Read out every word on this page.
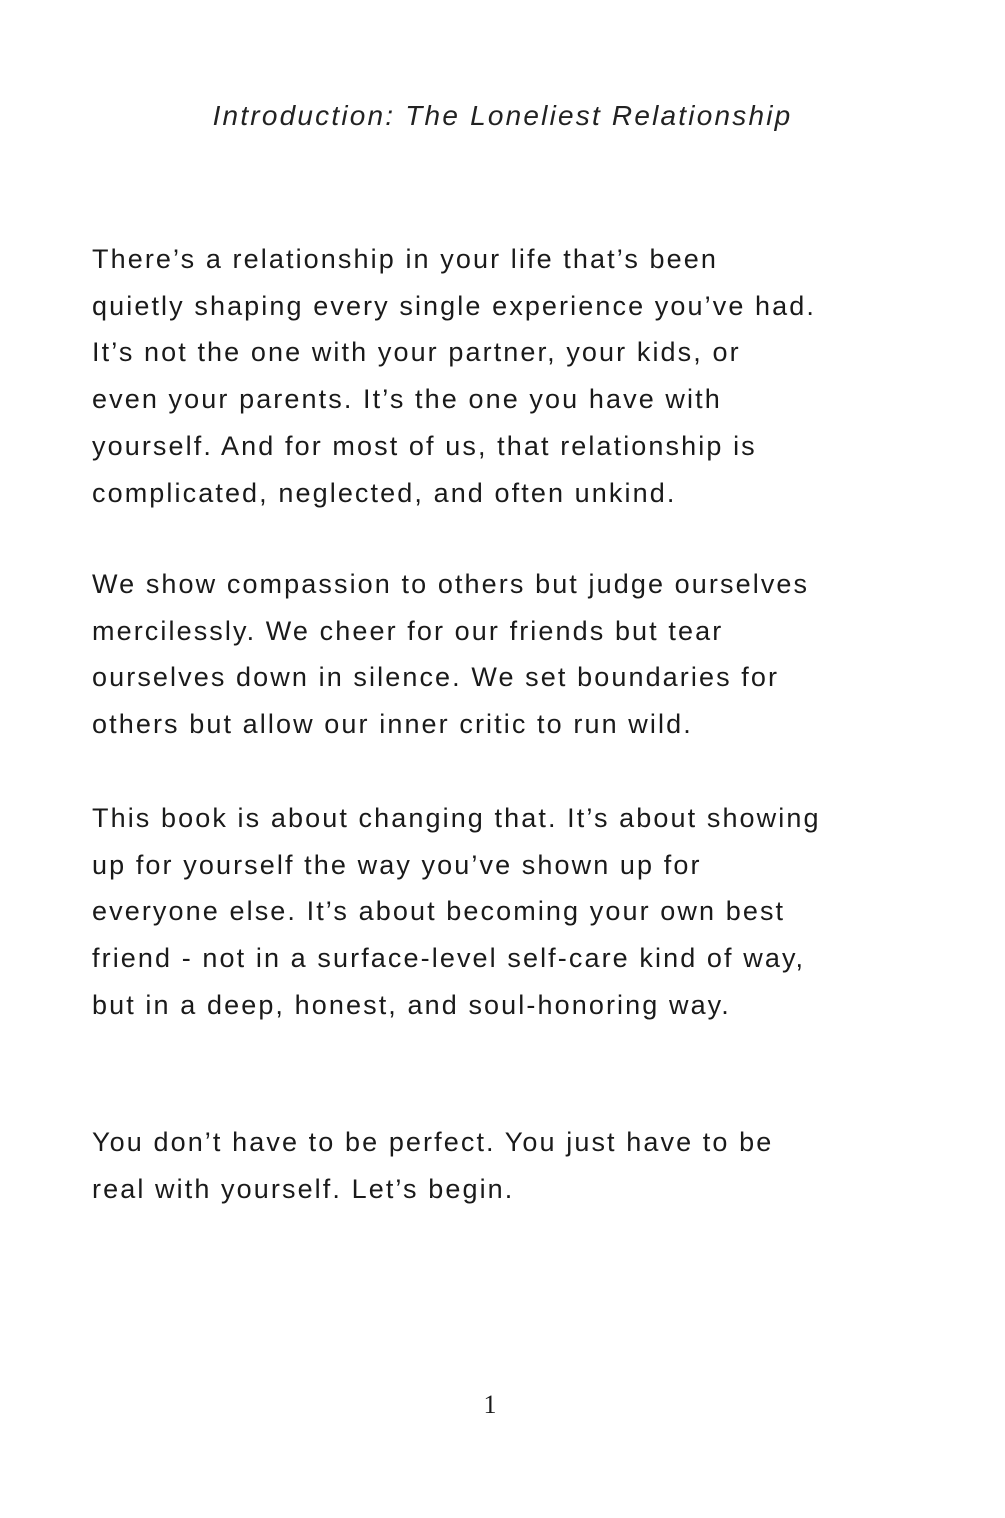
Introduction: The Loneliest Relationship

There’s a relationship in your life that’s been
quietly shaping every single experience you’ve had.
It’s not the one with your partner, your kids, or
even your parents. It’s the one you have with
yourself. And for most of us, that relationship is
complicated, neglected, and often unkind.

We show compassion to others but judge ourselves
mercilessly. We cheer for our friends but tear
ourselves down in silence. We set boundaries for
others but allow our inner critic to run wild.

This book is about changing that. It’s about showing
up for yourself the way you’ve shown up for
everyone else. It’s about becoming your own best
friend - not in a surface-level self-care kind of way,
but in a deep, honest, and soul-honoring way.

You don’t have to be perfect. You just have to be
real with yourself. Let’s begin.

1
